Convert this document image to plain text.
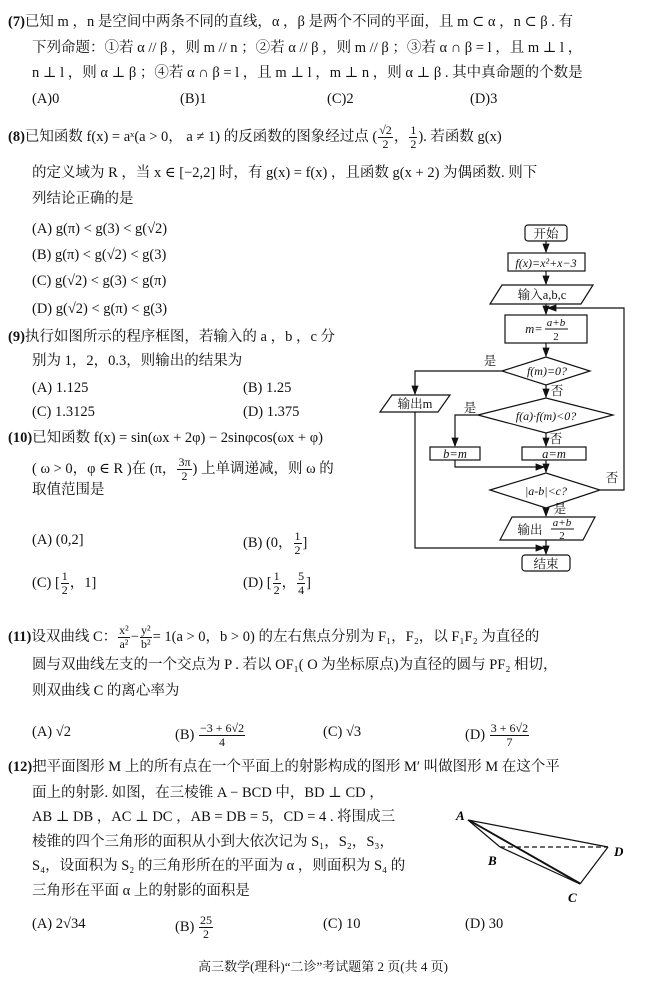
(7)已知 m ，n 是空间中两条不同的直线，α ，β 是两个不同的平面，且 m ⊂ α ，n ⊂ β . 有
下列命题：①若 α // β ，则 m // n ；②若 α // β ，则 m // β ；③若 α ∩ β = l ，且 m ⊥ l ，
n ⊥ l ，则 α ⊥ β ；④若 α ∩ β = l ，且 m ⊥ l ，m ⊥ n ，则 α ⊥ β . 其中真命题的个数是
(A)0	(B)1	(C)2	(D)3
(8)已知函数 f(x) = aˣ(a > 0， a ≠ 1) 的反函数的图象经过点 ( $\frac{√2}{2}$ ， $\frac{1}{2}$ ). 若函数 g(x)
的定义域为 R ，当 x ∈ [−2,2] 时，有 g(x) = f(x) ，且函数 g(x + 2) 为偶函数. 则下
列结论正确的是
(A) g(π) < g(3) < g(√2)
(B) g(π) < g(√2) < g(3)
(C) g(√2) < g(3) < g(π)
(D) g(√2) < g(π) < g(3)
(9)执行如图所示的程序框图，若输入的 a ，b ，c 分
别为 1，2，0.3，则输出的结果为
(A) 1.125	(B) 1.25
(C) 1.3125	(D) 1.375
(10)已知函数 f(x) = sin(ωx + 2φ) − 2sinφcos(ωx + φ)
( ω > 0，φ ∈ R )在 (π， $\frac{3\pi}{2}$ ) 上单调递减，则 ω 的
取值范围是
(A) (0,2]	(B) (0， $\frac{1}{2}$ ]
(C) [ $\frac{1}{2}$ ，1]	(D) [ $\frac{1}{2}$ ， $\frac{5}{4}$ ]
(11)设双曲线 C： $\frac{\text{x²}}{\text{a²}} - \frac{\text{y²}}{\text{b²}} = 1(a > 0$，b > 0) 的左右焦点分别为 F₁，F₂，以 F₁F₂ 为直径的
圆与双曲线左支的一个交点为 P . 若以 OF₁( O 为坐标原点)为直径的圆与 PF₂ 相切，
则双曲线 C 的离心率为
(A) √2	$(B) \frac{-3 + 6√2}{4}$	(C) √3	$(D) \frac{3 + 6√2}{7}$
(12)把平面图形 M 上的所有点在一个平面上的射影构成的图形 M′ 叫做图形 M 在这个平
面上的射影. 如图，在三棱锥 A − BCD 中，BD ⊥ CD ，
AB ⊥ DB ，AC ⊥ DC ，AB = DB = 5，CD = 4 . 将围成三
棱锥的四个三角形的面积从小到大依次记为 S₁，S₂，S₃，
S₄，设面积为 S₂ 的三角形所在的平面为 α ，则面积为 S₄ 的
三角形在平面 α 上的射影的面积是
(A) 2√34	$(B) \frac{25}{2}$	(C) 10	(D) 30
A
B
D
C
开始
f(x)=x²+x−3
输入a,b,c
m= a+b
2
f(m)=0?
f(a)·f(m)<0?
|a-b|<c?
输出m
b=m	a=m
输出 a+b
2
结束
是
否
是
否
否
是
高三数学(理科)“二诊”考试题第 2 页(共 4 页)
